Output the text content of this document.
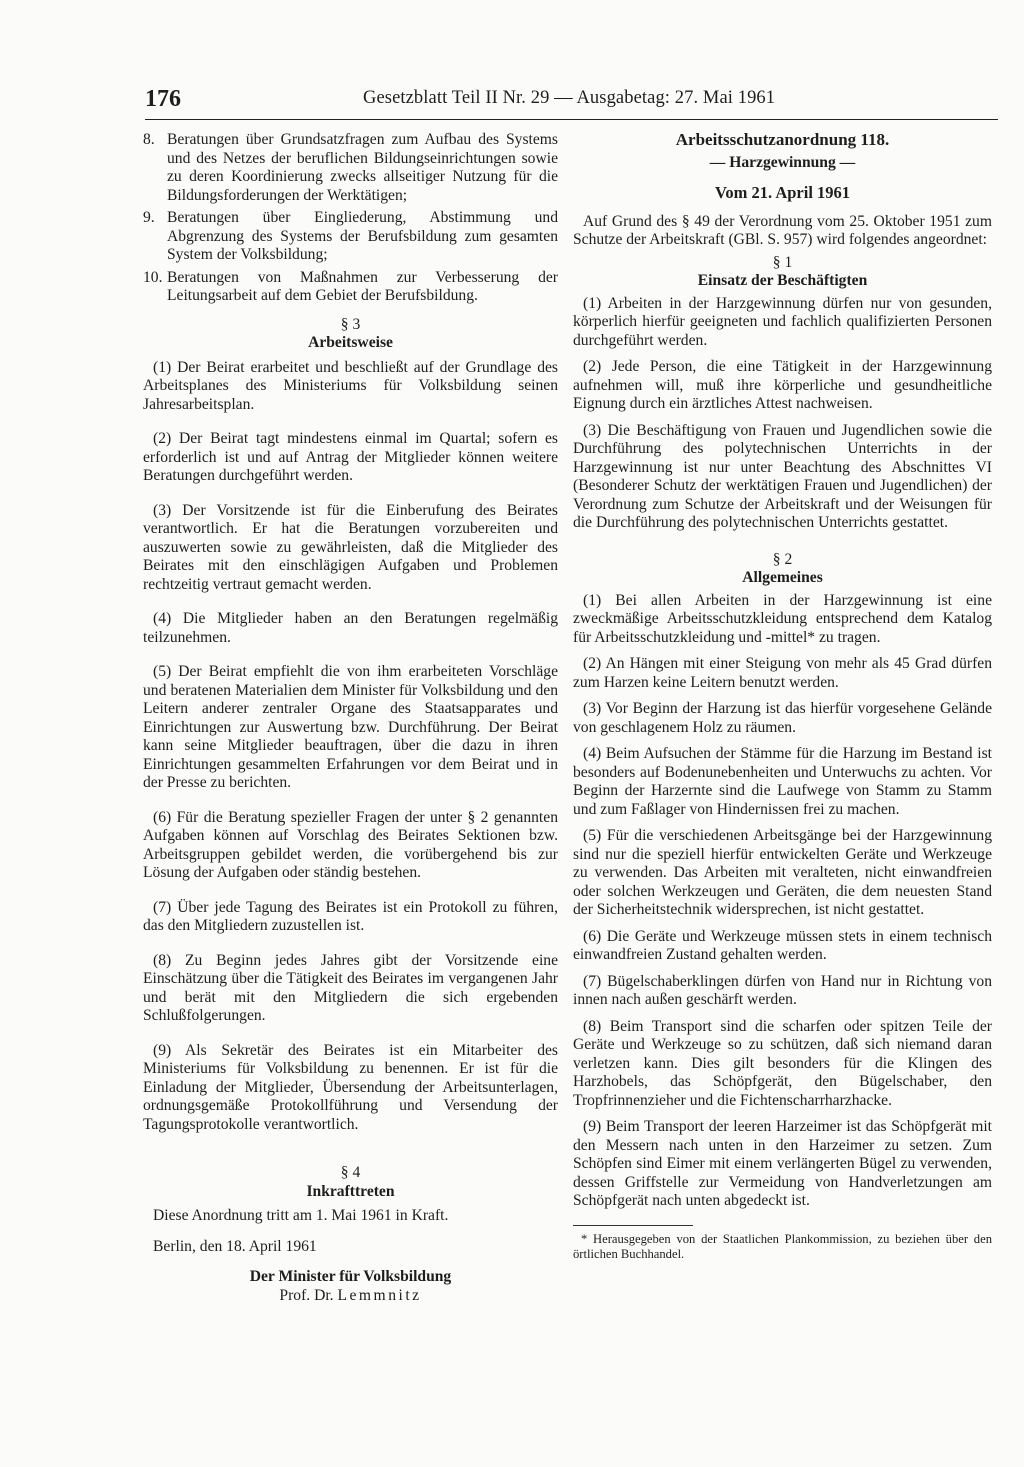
176	Gesetzblatt Teil II Nr. 29 — Ausgabetag: 27. Mai 1961
8. Beratungen über Grundsatzfragen zum Aufbau des Systems und des Netzes der beruflichen Bildungseinrichtungen sowie zu deren Koordinierung zwecks allseitiger Nutzung für die Bildungsforderungen der Werktätigen;

9. Beratungen über Eingliederung, Abstimmung und Abgrenzung des Systems der Berufsbildung zum gesamten System der Volksbildung;

10. Beratungen von Maßnahmen zur Verbesserung der Leitungsarbeit auf dem Gebiet der Berufsbildung.

§ 3

Arbeitsweise

(1) Der Beirat erarbeitet und beschließt auf der Grundlage des Arbeitsplanes des Ministeriums für Volksbildung seinen Jahresarbeitsplan.

(2) Der Beirat tagt mindestens einmal im Quartal; sofern es erforderlich ist und auf Antrag der Mitglieder können weitere Beratungen durchgeführt werden.

(3) Der Vorsitzende ist für die Einberufung des Beirates verantwortlich. Er hat die Beratungen vorzubereiten und auszuwerten sowie zu gewährleisten, daß die Mitglieder des Beirates mit den einschlägigen Aufgaben und Problemen rechtzeitig vertraut gemacht werden.

(4) Die Mitglieder haben an den Beratungen regelmäßig teilzunehmen.

(5) Der Beirat empfiehlt die von ihm erarbeiteten Vorschläge und beratenen Materialien dem Minister für Volksbildung und den Leitern anderer zentraler Organe des Staatsapparates und Einrichtungen zur Auswertung bzw. Durchführung. Der Beirat kann seine Mitglieder beauftragen, über die dazu in ihren Einrichtungen gesammelten Erfahrungen vor dem Beirat und in der Presse zu berichten.

(6) Für die Beratung spezieller Fragen der unter § 2 genannten Aufgaben können auf Vorschlag des Beirates Sektionen bzw. Arbeitsgruppen gebildet werden, die vorübergehend bis zur Lösung der Aufgaben oder ständig bestehen.

(7) Über jede Tagung des Beirates ist ein Protokoll zu führen, das den Mitgliedern zuzustellen ist.

(8) Zu Beginn jedes Jahres gibt der Vorsitzende eine Einschätzung über die Tätigkeit des Beirates im vergangenen Jahr und berät mit den Mitgliedern die sich ergebenden Schlußfolgerungen.

(9) Als Sekretär des Beirates ist ein Mitarbeiter des Ministeriums für Volksbildung zu benennen. Er ist für die Einladung der Mitglieder, Übersendung der Arbeitsunterlagen, ordnungsgemäße Protokollführung und Versendung der Tagungsprotokolle verantwortlich.

§ 4

Inkrafttreten

Diese Anordnung tritt am 1. Mai 1961 in Kraft.

Berlin, den 18. April 1961

Der Minister für Volksbildung

Prof. Dr. Lemmnitz

Arbeitsschutzanordnung 118.

— Harzgewinnung —

Vom 21. April 1961

Auf Grund des § 49 der Verordnung vom 25. Oktober 1951 zum Schutze der Arbeitskraft (GBl. S. 957) wird folgendes angeordnet:

§ 1

Einsatz der Beschäftigten

(1) Arbeiten in der Harzgewinnung dürfen nur von gesunden, körperlich hierfür geeigneten und fachlich qualifizierten Personen durchgeführt werden.

(2) Jede Person, die eine Tätigkeit in der Harzgewinnung aufnehmen will, muß ihre körperliche und gesundheitliche Eignung durch ein ärztliches Attest nachweisen.

(3) Die Beschäftigung von Frauen und Jugendlichen sowie die Durchführung des polytechnischen Unterrichts in der Harzgewinnung ist nur unter Beachtung des Abschnittes VI (Besonderer Schutz der werktätigen Frauen und Jugendlichen) der Verordnung zum Schutze der Arbeitskraft und der Weisungen für die Durchführung des polytechnischen Unterrichts gestattet.

§ 2

Allgemeines

(1) Bei allen Arbeiten in der Harzgewinnung ist eine zweckmäßige Arbeitsschutzkleidung entsprechend dem Katalog für Arbeitsschutzkleidung und -mittel* zu tragen.

(2) An Hängen mit einer Steigung von mehr als 45 Grad dürfen zum Harzen keine Leitern benutzt werden.

(3) Vor Beginn der Harzung ist das hierfür vorgesehene Gelände von geschlagenem Holz zu räumen.

(4) Beim Aufsuchen der Stämme für die Harzung im Bestand ist besonders auf Bodenunebenheiten und Unterwuchs zu achten. Vor Beginn der Harzernte sind die Laufwege von Stamm zu Stamm und zum Faßlager von Hindernissen frei zu machen.

(5) Für die verschiedenen Arbeitsgänge bei der Harzgewinnung sind nur die speziell hierfür entwickelten Geräte und Werkzeuge zu verwenden. Das Arbeiten mit veralteten, nicht einwandfreien oder solchen Werkzeugen und Geräten, die dem neuesten Stand der Sicherheitstechnik widersprechen, ist nicht gestattet.

(6) Die Geräte und Werkzeuge müssen stets in einem technisch einwandfreien Zustand gehalten werden.

(7) Bügelschaberklingen dürfen von Hand nur in Richtung von innen nach außen geschärft werden.

(8) Beim Transport sind die scharfen oder spitzen Teile der Geräte und Werkzeuge so zu schützen, daß sich niemand daran verletzen kann. Dies gilt besonders für die Klingen des Harzhobels, das Schöpfgerät, den Bügelschaber, den Tropfrinnenzieher und die Fichtenscharrharzhacke.

(9) Beim Transport der leeren Harzeimer ist das Schöpfgerät mit den Messern nach unten in den Harzeimer zu setzen. Zum Schöpfen sind Eimer mit einem verlängerten Bügel zu verwenden, dessen Griffstelle zur Vermeidung von Handverletzungen am Schöpfgerät nach unten abgedeckt ist.

* Herausgegeben von der Staatlichen Plankommission, zu beziehen über den örtlichen Buchhandel.
